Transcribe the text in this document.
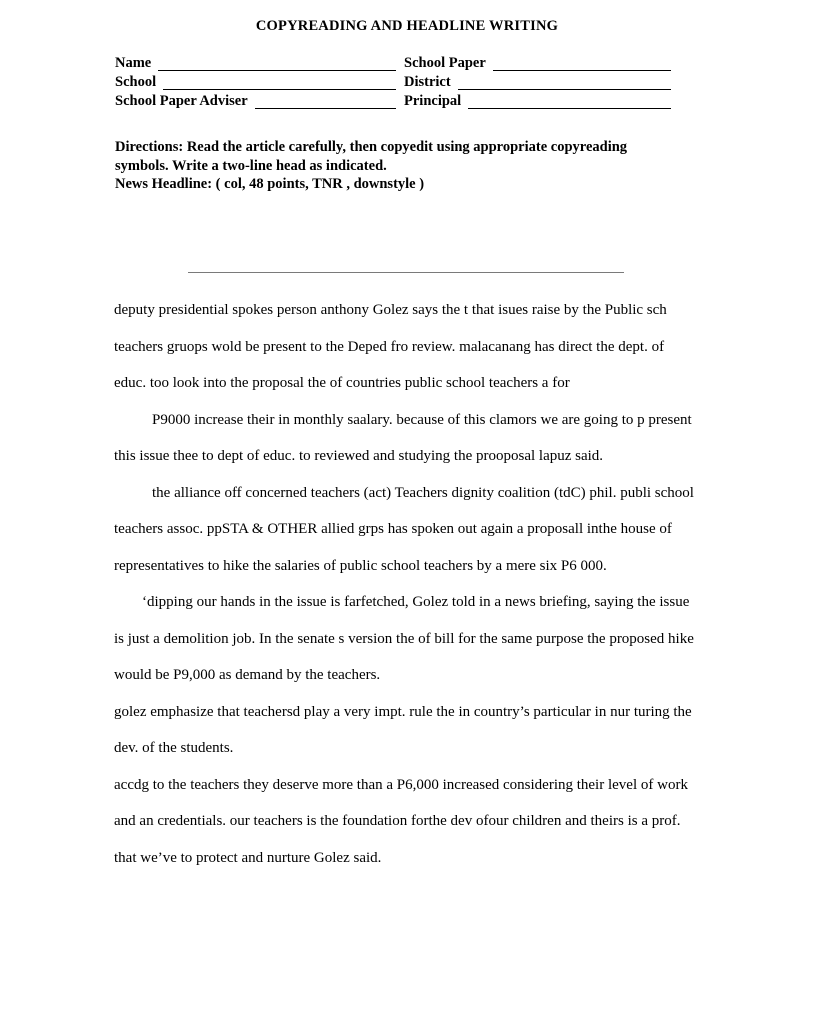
COPYREADING AND HEADLINE WRITING
Name	School Paper
School	District
School Paper Adviser	Principal
Directions: Read the article carefully, then copyedit using appropriate copyreading
symbols. Write a two-line head as indicated.
News Headline: ( col, 48 points, TNR , downstyle )

deputy presidential spokes person anthony Golez says the t that isues raise by the Public sch teachers gruops wold be present to the Deped fro review. malacanang has direct the dept. of educ. too look into the proposal the of countries public school teachers a for

P9000 increase their in monthly saalary. because of this clamors we are going to p present this issue thee to dept of educ. to reviewed and studying the prooposal lapuz said.

the alliance off concerned teachers (act) Teachers dignity coalition (tdC) phil. publi school teachers assoc. ppSTA & OTHER allied grps has spoken out again a proposall inthe house of representatives to hike the salaries of public school teachers by a mere six P6 000.

‘dipping our hands in the issue is farfetched, Golez told in a news briefing, saying the issue is just a demolition job. In the senate s version the of bill for the same purpose the proposed hike would be P9,000 as demand by the teachers.

golez emphasize that teachersd play a very impt. rule the in country’s particular in nur turing the dev. of the students.

accdg to the teachers they deserve more than a P6,000 increased considering their level of work and an credentials. our teachers is the foundation forthe dev ofour children and theirs is a prof. that we’ve to protect and nurture Golez said.
